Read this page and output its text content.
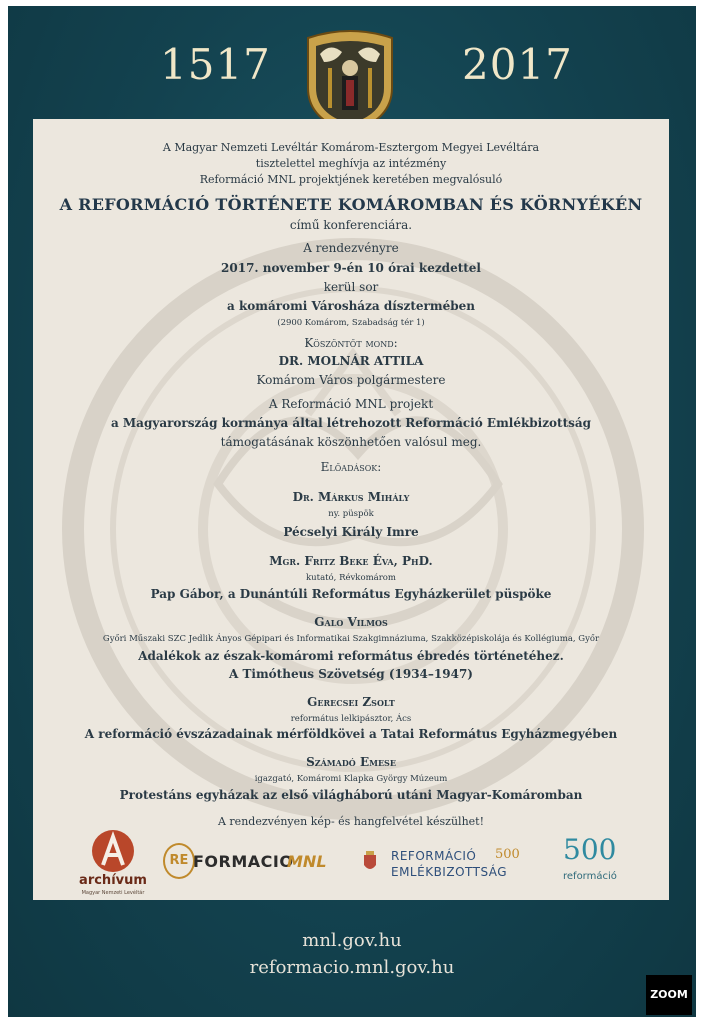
1517	2017
A Magyar Nemzeti Levéltár Komárom-Esztergom Megyei Levéltára
tisztelettel meghívja az intézmény
Reformáció MNL projektjének keretében megvalósuló
A REFORMÁCIÓ TÖRTÉNETE KOMÁROMBAN ÉS KÖRNYÉKÉN
című konferenciára.
A rendezvényre
2017. november 9-én 10 órai kezdettel
kerül sor
a komáromi Városháza dísztermében
(2900 Komárom, Szabadság tér 1)
Köszöntőt mond:
DR. MOLNÁR ATTILA
Komárom Város polgármestere
A Reformáció MNL projekt
a Magyarország kormánya által létrehozott Reformáció Emlékbizottság
támogatásának köszönhetően valósul meg.
Előadások:
Dr. Márkus Mihály
ny. püspök
Pécselyi Király Imre
Mgr. Fritz Beke Éva, PhD.
kutató, Révkomárom
Pap Gábor, a Dunántúli Református Egyházkerület püspöke
Galo Vilmos
Győri Műszaki SZC Jedlik Ányos Gépipari és Informatikai Szakgimnáziuma, Szakközépiskolája és Kollégiuma, Győr
Adalékok az észak-komáromi református ébredés történetéhez.
A Timótheus Szövetség (1934–1947)
Gerecsei Zsolt
református lelkipásztor, Ács
A reformáció évszázadainak mérföldkövei a Tatai Református Egyházmegyében
Számadó Emese
igazgató, Komáromi Klapka György Múzeum
Protestáns egyházak az első világháború utáni Magyar-Komáromban
A rendezvényen kép- és hangfelvétel készülhet!
archívum
Magyar Nemzeti Levéltár
RE FORMACIO
MNL	REFORMÁCIÓ
EMLÉKBIZOTTSÁG
500 500
reformáció
mnl.gov.hu
reformacio.mnl.gov.hu
ZOOM
